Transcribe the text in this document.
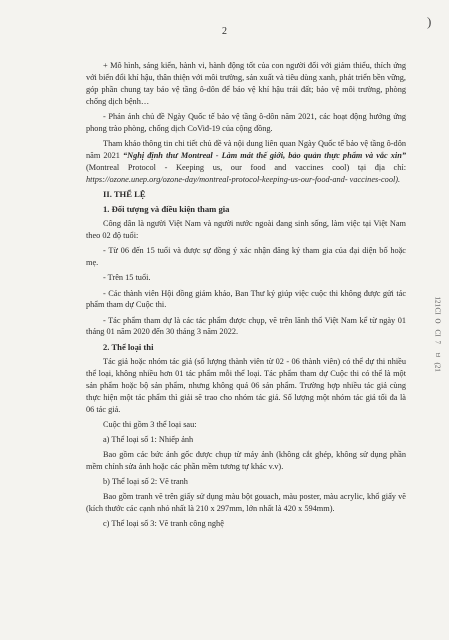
2
)

+ Mô hình, sáng kiến, hành vi, hành động tốt của con người đối với giảm thiểu, thích ứng với biến đổi khí hậu, thân thiện với môi trường, sản xuất và tiêu dùng xanh, phát triển bền vững, góp phần chung tay bảo vệ tầng ô-dôn để bảo vệ khí hậu trái đất; bảo vệ môi trường, phòng chống dịch bệnh…

- Phản ánh chủ đề Ngày Quốc tế bảo vệ tầng ô-dôn năm 2021, các hoạt động hưởng ứng phong trào phòng, chống dịch CoViđ-19 của cộng đồng.

Tham khảo thông tin chi tiết chủ đề và nội dung liên quan Ngày Quốc tế bảo vệ tầng ô-dôn năm 2021 “Nghị định thư Montreal - Làm mát thế giới, bảo quản thực phẩm và vắc xin” (Montreal Protocol - Keeping us, our food and vaccines cool) tại địa chỉ: https://ozone.unep.org/ozone-day/montreal-protocol-keeping-us-our-food-and- vaccines-cool).

II. THỂ LỆ
1. Đối tượng và điều kiện tham gia

Công dân là người Việt Nam và người nước ngoài đang sinh sống, làm việc tại Việt Nam theo 02 độ tuổi:

- Từ 06 đến 15 tuổi và được sự đồng ý xác nhận đăng ký tham gia của đại diện bố hoặc mẹ.

- Trên 15 tuổi.

- Các thành viên Hội đồng giám khảo, Ban Thư ký giúp việc cuộc thi không được gửi tác phẩm tham dự Cuộc thi.

- Tác phẩm tham dự là các tác phẩm được chụp, vẽ trên lãnh thổ Việt Nam kể từ ngày 01 tháng 01 năm 2020 đến 30 tháng 3 năm 2022.

2. Thể loại thi

Tác giả hoặc nhóm tác giả (số lượng thành viên từ 02 - 06 thành viên) có thể dự thi nhiều thể loại, không nhiều hơn 01 tác phẩm mỗi thể loại. Tác phẩm tham dự Cuộc thi có thể là một sản phẩm hoặc bộ sản phẩm, nhưng không quá 06 sản phẩm. Trường hợp nhiều tác giả cùng thực hiện một tác phẩm thì giải sẽ trao cho nhóm tác giả. Số lượng một nhóm tác giả tối đa là 06 tác giả.

Cuộc thi gồm 3 thể loại sau:

a) Thể loại số 1: Nhiếp ảnh

Bao gồm các bức ảnh gốc được chụp từ máy ảnh (không cắt ghép, không sử dụng phần mềm chỉnh sửa ảnh hoặc các phần mềm tương tự khác v.v).

b) Thể loại số 2: Vẽ tranh

Bao gồm tranh vẽ trên giấy sử dụng màu bột gouach, màu poster, màu acrylic, khổ giấy vẽ (kích thước các cạnh nhỏ nhất là 210 x 297mm, lớn nhất là 420 x 594mm).

c) Thể loại số 3: Vẽ tranh công nghệ

121
CI
O
CI
7
ㅂ
(21
